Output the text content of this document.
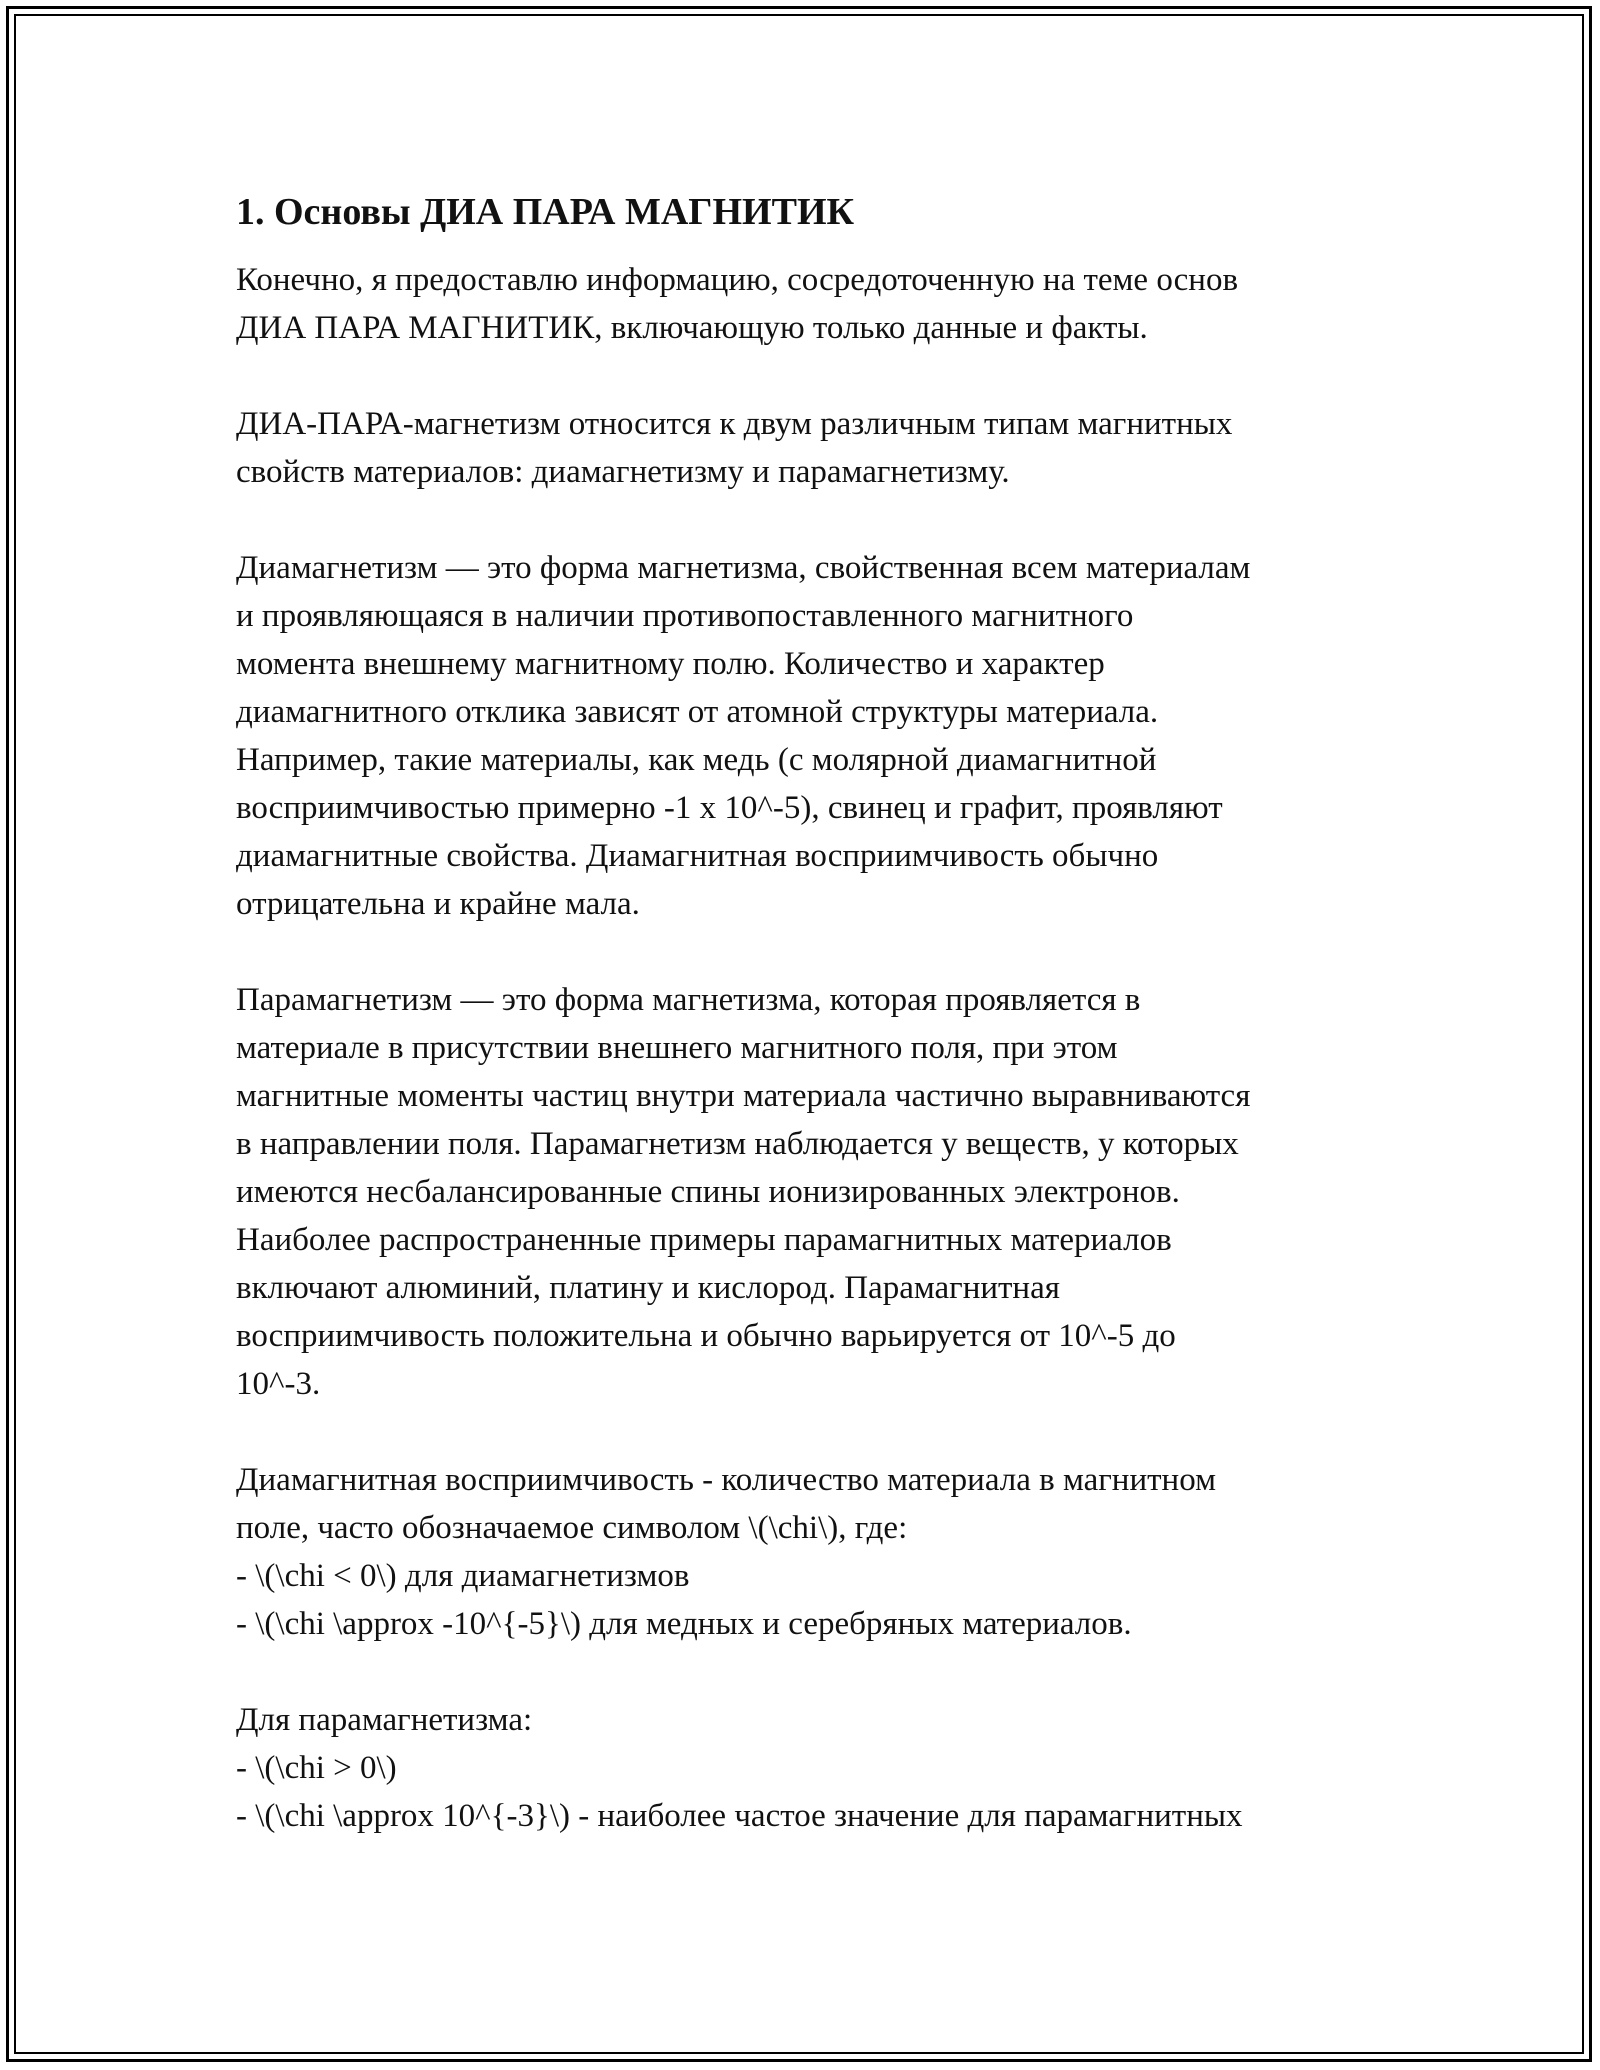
1. Основы ДИА ПАРА МАГНИТИК

Конечно, я предоставлю информацию, сосредоточенную на теме основ
ДИА ПАРА МАГНИТИК, включающую только данные и факты.

ДИА-ПАРА-магнетизм относится к двум различным типам магнитных
свойств материалов: диамагнетизму и парамагнетизму.

Диамагнетизм — это форма магнетизма, свойственная всем материалам
и проявляющаяся в наличии противопоставленного магнитного
момента внешнему магнитному полю. Количество и характер
диамагнитного отклика зависят от атомной структуры материала.
Например, такие материалы, как медь (с молярной диамагнитной
восприимчивостью примерно -1 x 10^-5), свинец и графит, проявляют
диамагнитные свойства. Диамагнитная восприимчивость обычно
отрицательна и крайне мала.

Парамагнетизм — это форма магнетизма, которая проявляется в
материале в присутствии внешнего магнитного поля, при этом
магнитные моменты частиц внутри материала частично выравниваются
в направлении поля. Парамагнетизм наблюдается у веществ, у которых
имеются несбалансированные спины ионизированных электронов.
Наиболее распространенные примеры парамагнитных материалов
включают алюминий, платину и кислород. Парамагнитная
восприимчивость положительна и обычно варьируется от 10^-5 до
10^-3.

Диамагнитная восприимчивость - количество материала в магнитном
поле, часто обозначаемое символом \(\chi\), где:
- \(\chi < 0\) для диамагнетизмов
- \(\chi \approx -10^{-5}\) для медных и серебряных материалов.

Для парамагнетизма:
- \(\chi > 0\)
- \(\chi \approx 10^{-3}\) - наиболее частое значение для парамагнитных
